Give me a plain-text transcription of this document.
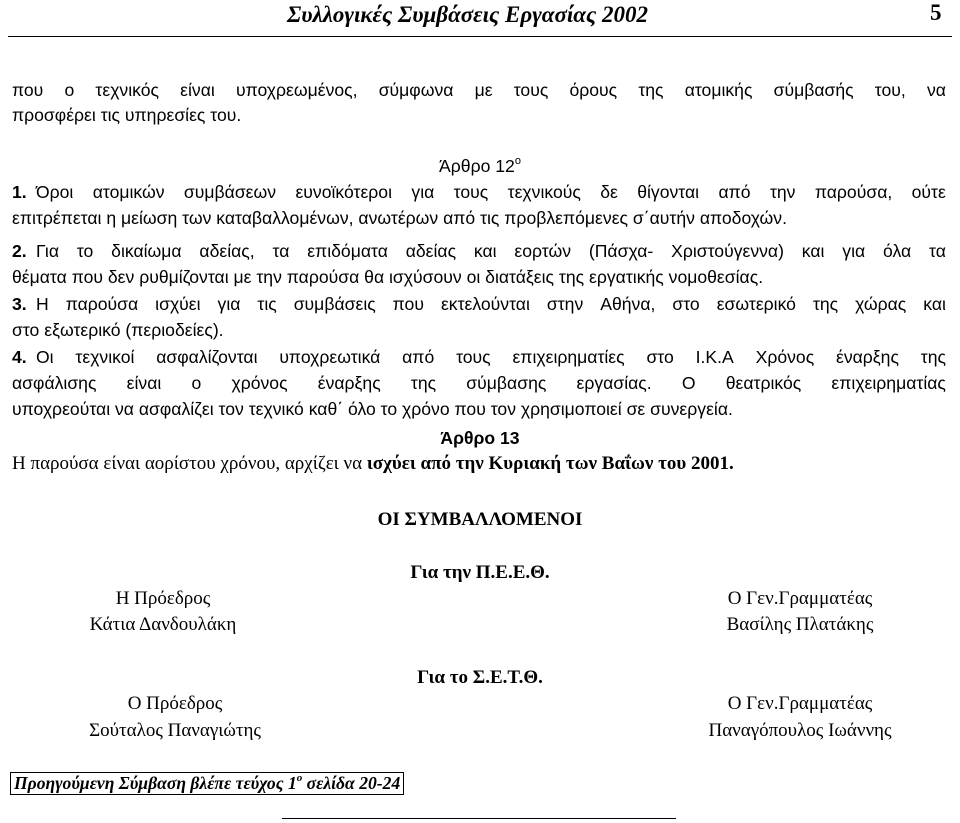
Συλλογικές Συμβάσεις Εργασίας 2002	5
που ο τεχνικός είναι υποχρεωμένος, σύμφωνα με τους όρους της ατομικής σύμβασής του, να
προσφέρει τις υπηρεσίες του.
Άρθρο $12^o$
1. Όροι ατομικών συμβάσεων ευνοϊκότεροι για τους τεχνικούς δε θίγονται από την παρούσα, ούτε
επιτρέπεται η μείωση των καταβαλλομένων, ανωτέρων από τις προβλεπόμενες σ΄αυτήν αποδοχών.
2. Για το δικαίωμα αδείας, τα επιδόματα αδείας και εορτών (Πάσχα- Χριστούγεννα) και για όλα τα
θέματα που δεν ρυθμίζονται με την παρούσα θα ισχύσουν οι διατάξεις της εργατικής νομοθεσίας.
3. Η παρούσα ισχύει για τις συμβάσεις που εκτελούνται στην Αθήνα, στο εσωτερικό της χώρας και
στο εξωτερικό (περιοδείες).
4. Οι τεχνικοί ασφαλίζονται υποχρεωτικά από τους επιχειρηματίες στο Ι.Κ.Α Χρόνος έναρξης της
ασφάλισης είναι ο χρόνος έναρξης της σύμβασης εργασίας. Ο θεατρικός επιχειρηματίας
υποχρεούται να ασφαλίζει τον τεχνικό καθ΄ όλο το χρόνο που τον χρησιμοποιεί σε συνεργεία.
Άρθρο 13
Η παρούσα είναι αορίστου χρόνου, αρχίζει να ισχύει από την Κυριακή των Βαΐων του 2001.
ΟΙ ΣΥΜΒΑΛΛΟΜΕΝΟΙ
Για την Π.Ε.Ε.Θ.
Η Πρόεδρος
Κάτια Δανδουλάκη
Ο Γεν.Γραμματέας
Βασίλης Πλατάκης
Για το Σ.Ε.Τ.Θ.
Ο Πρόεδρος
Σούταλος Παναγιώτης
Ο Γεν.Γραμματέας
Παναγόπουλος Ιωάννης
Προηγούμενη Σύμβαση βλέπε τεύχος $1^o$ σελίδα 20-24
